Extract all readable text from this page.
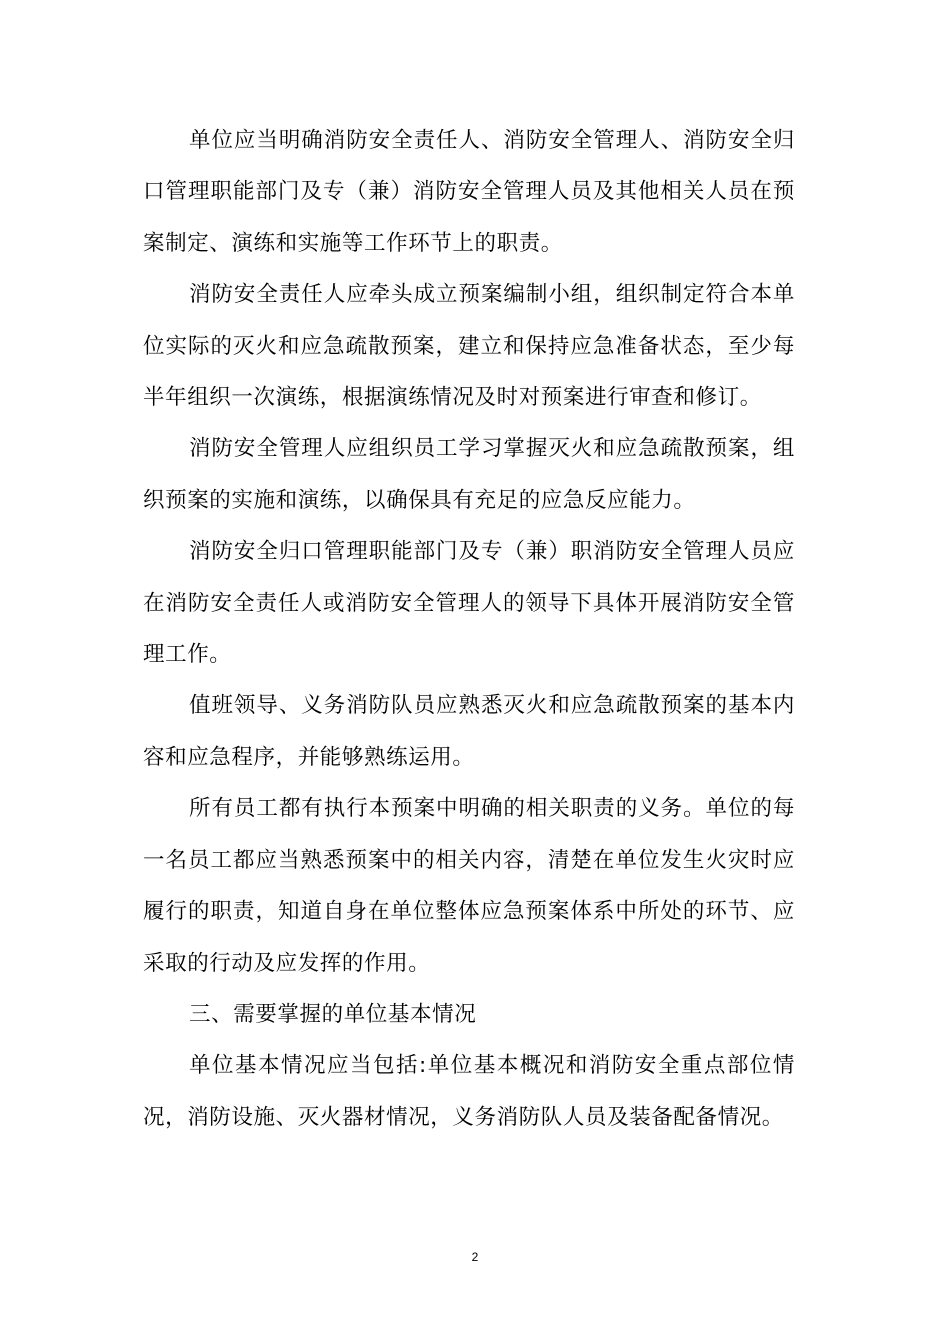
单位应当明确消防安全责任人、消防安全管理人、消防安全归口管理职能部门及专（兼）消防安全管理人员及其他相关人员在预案制定、演练和实施等工作环节上的职责。

消防安全责任人应牵头成立预案编制小组，组织制定符合本单位实际的灭火和应急疏散预案，建立和保持应急准备状态，至少每半年组织一次演练，根据演练情况及时对预案进行审查和修订。

消防安全管理人应组织员工学习掌握灭火和应急疏散预案，组织预案的实施和演练，以确保具有充足的应急反应能力。

消防安全归口管理职能部门及专（兼）职消防安全管理人员应在消防安全责任人或消防安全管理人的领导下具体开展消防安全管理工作。

值班领导、义务消防队员应熟悉灭火和应急疏散预案的基本内容和应急程序，并能够熟练运用。

所有员工都有执行本预案中明确的相关职责的义务。单位的每一名员工都应当熟悉预案中的相关内容，清楚在单位发生火灾时应履行的职责，知道自身在单位整体应急预案体系中所处的环节、应采取的行动及应发挥的作用。

三、需要掌握的单位基本情况

单位基本情况应当包括:单位基本概况和消防安全重点部位情况，消防设施、灭火器材情况，义务消防队人员及装备配备情况。

2
